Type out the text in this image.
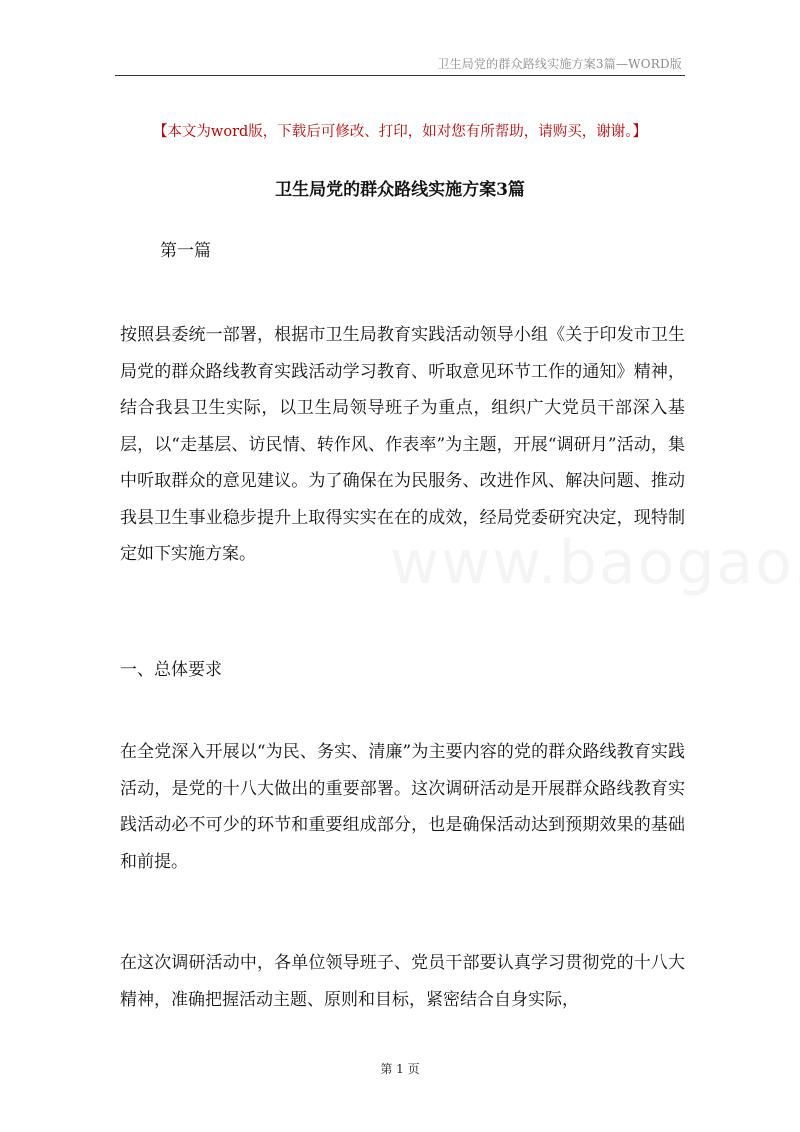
卫生局党的群众路线实施方案3篇—WORD版
【本文为word版，下载后可修改、打印，如对您有所帮助，请购买，谢谢。】
卫生局党的群众路线实施方案3篇

第一篇

按照县委统一部署，根据市卫生局教育实践活动领导小组《关于印发市卫生局党的群众路线教育实践活动学习教育、听取意见环节工作的通知》精神，结合我县卫生实际，以卫生局领导班子为重点，组织广大党员干部深入基层，以“走基层、访民情、转作风、作表率”为主题，开展“调研月”活动，集中听取群众的意见建议。为了确保在为民服务、改进作风、解决问题、推动我县卫生事业稳步提升上取得实实在在的成效，经局党委研究决定，现特制定如下实施方案。

一、总体要求

在全党深入开展以“为民、务实、清廉”为主要内容的党的群众路线教育实践活动，是党的十八大做出的重要部署。这次调研活动是开展群众路线教育实践活动必不可少的环节和重要组成部分，也是确保活动达到预期效果的基础和前提。

在这次调研活动中，各单位领导班子、党员干部要认真学习贯彻党的十八大精神，准确把握活动主题、原则和目标，紧密结合自身实际，

第 1 页
